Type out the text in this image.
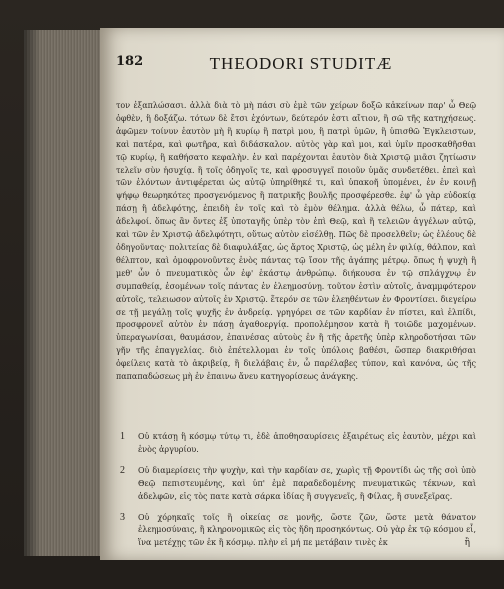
182	THEODORI STUDITÆ

τον ἐξαπλώσασι. ἀλλὰ διὰ τὸ μὴ πάσι σὺ ἐμὲ τῶν χείρων δοξῶ κἀκείνων παρ' ὧ Θεῷ ὀφθὲν, ἢ δοξάζω. τότων δὲ ἔτσι ἐχόντων, δεύτερόν ἐστι αἴτιον, ἢ σῶ τῆς κατηχήσεως. ἀφῶμεν τοίνυν ἑαυτὸν μὴ ἢ κυρίῳ ἢ πατρὶ μου, ἢ πατρὶ ὑμῶν, ἢ ὑπισθῶ Ἐγκλειστων, καὶ πατέρα, καὶ φωτῆρα, καὶ διδάσκαλον. αὐτὸς γὰρ καὶ μοι, καὶ ὑμῖν προσκαθῆσθαι τῷ κυρίῳ, ἢ καθήσατο κεφαλὴν. ἐν καὶ παρέχονται ἑαυτὸν διὰ Χριστῷ μιᾶσι ζητίωσιν τελεῖν σὺν ἡσυχίᾳ. ἢ τοῖς ὁδηγοῖς τε, καὶ φροσυγγεῖ ποιοῦν ὑμᾶς συνδετέθει. ἐπεὶ καὶ τῶν ἐλόντων ἀντιφέρεται ὡς αὐτῷ ὑπηρίθηκέ τι, καὶ ὑπακοῆ ὑπομένει, ἐν ἐν κοινῇ ψήφῳ θεωρηκότες προσγενόμενος ἢ πατρικῆς βουλῆς προσφέρεσθε. ἐφ' ὧ γὰρ εὐδοκίᾳ πάσῃ ἢ ἀδελφότης, ἐπειδὴ ἐν τοῖς καὶ τὸ ἐμὸν θέλημα. ἀλλὰ θέλω, ὦ πάτερ, καὶ ἀδελφοί. ὅπως ἂν ὄντες ἐξ ὑποταγῆς ὑπὲρ τὸν ἐπὶ Θεῷ, καὶ ἢ τελειῶν ἀγγέλων αὐτῷ, καὶ τῶν ἐν Χριστῷ ἀδελφότητι, οὕτως αὐτὸν εἰσέλθῃ. Πῶς δὲ προσελθεῖν; ὡς ἐλέους δὲ ὁδηγοῦντας· πολιτείας δὲ διαφυλάξας, ὡς ἄρτος Χριστῷ, ὡς μέλη ἐν φιλίᾳ, θάλπον, καὶ θέλπτον, καὶ ὁμοφρονοῦντες ἐνὸς πάντας τῷ ἴσον τῆς ἀγάπης μέτρῳ. ὅπως ἡ ψυχὴ ἢ μεθ' ὧν ὁ πνευματικὸς ὧν ἐφ' ἑκάστῳ ἀνθρώπῳ. διήκουσα ἐν τῷ σπλάγχνῳ ἐν συμπαθείᾳ, ἐσομένων τοῖς πάντας ἐν ἐλεημοσύνῃ. τοῦτον ἐστὶν αὐτοῖς, ἀναμμφότερον αὐτοῖς, τελειωσον αὐτοῖς ἐν Χριστῷ. ἕτερόν σε τῶν ἐλεηθέντων ἐν Φροντίσει. διεγείρω σε τῇ μεγάλῃ τοῖς ψυχῆς ἐν ἀνδρείᾳ. γρηγόρει σε τῶν καρδίαν ἐν πίστει, καὶ ἐλπίδι, προσφρονεῖ αὐτὸν ἐν πάσῃ ἀγαθοεργίᾳ. προπολέμησον κατὰ ἢ τοιῶδε μαχομένων. ὑπεραγωνίσαι, θαυμάσον, ἐπαινέσας αὐτοὺς ἐν ἢ τῆς ἀρετῆς ὑπὲρ κληροδοτήσαι τῶν γῆν τῆς ἐπαγγελίας. διὸ ἐπέτελλομαι ἐν τοῖς ὑπόλοις βαθέσι, ὥσπερ διακριθήσαι ὀφείλεις κατὰ τὸ ἀκριβείᾳ, ἢ διελάβαις ἐν, ὧ παρέλαβες τύπον, καὶ κανόνα, ὡς τῆς παπαπαδώσεως μὴ ἐν ἐπαινω ἄνευ κατηγορίσεως ἀνάγκης.

1 Οὐ κτάσῃ ἢ κόσμῳ τύτῳ τι, ἐδὲ ἀποθησαυρίσεις ἐξαιρέτως εἰς ἑαυτὸν, μέχρι καὶ ἑνὸς ἀργυρίου.

2 Οὐ διαμερίσεις τὴν ψυχὴν, καὶ τὴν καρδίαν σε, χωρὶς τῇ Φροντίδι ὡς τῆς σοὶ ὑπὸ Θεῷ πεπιστευμένης, καὶ ὑπ' ἐμὲ παραδεδομένης πνευματικῶς τέκνων, καὶ ἀδελφῶν, εἰς τὸς πατε κατὰ σάρκα ἰδίας ἢ συγγενεῖς, ἢ Φίλας, ἢ συνεξεῖρας.

3 Οὐ χόρηκαῖς τοῖς ἢ οἰκείας σε μονῆς, ὥστε ζῶν, ὥστε μετὰ θάνατον ἐλεημοσύναις, ἢ κληρονομικῶς εἰς τὸς ἤδη προσηκόντως. Οὐ γὰρ ἐκ τῷ κόσμου εἶ, ἵνα μετέχῃς τῶν ἐκ ἢ κόσμῳ. πλὴν εἰ μή πε μετάβαιν τινὲς ἐκ	ἢ
